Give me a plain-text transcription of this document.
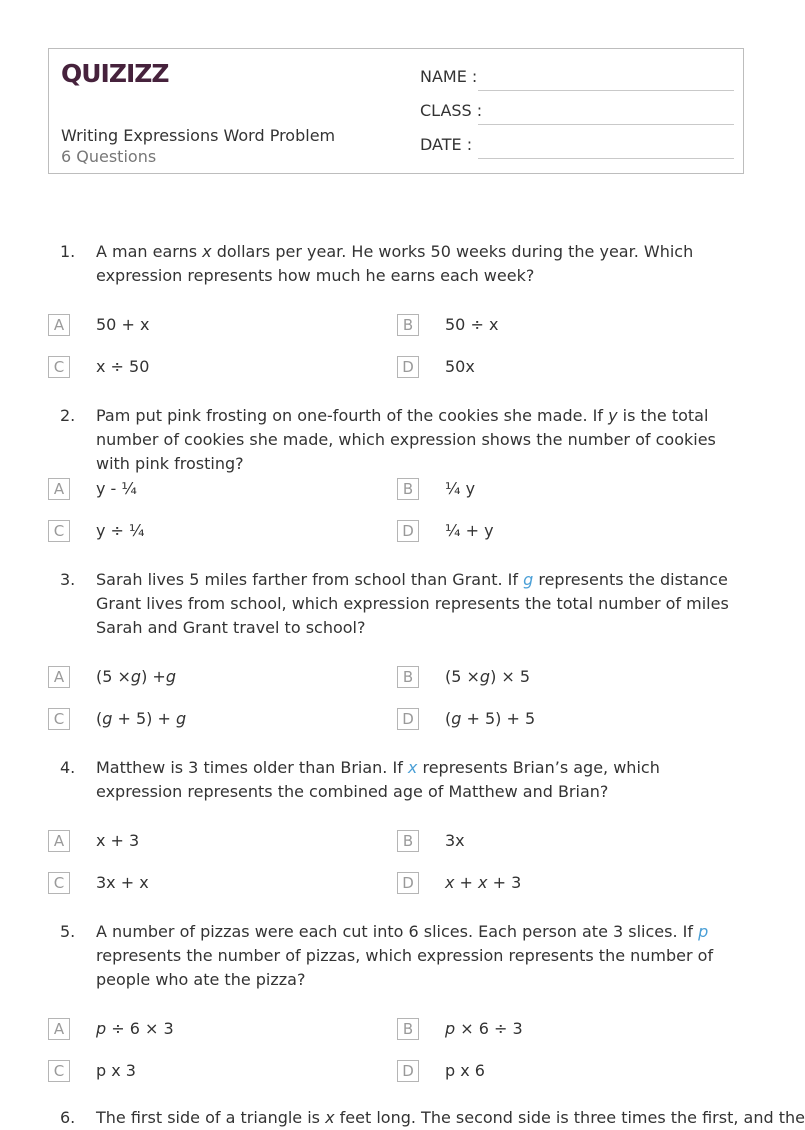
QUIZIZZ
Writing Expressions Word Problem
6 Questions
NAME :
CLASS :
DATE :
1. A man earns x dollars per year. He works 50 weeks during the year. Which expression represents how much he earns each week?
A	50 + x	B	50 ÷ x
C	x ÷ 50	D	50x
2. Pam put pink frosting on one-fourth of the cookies she made. If y is the total number of cookies she made, which expression shows the number of cookies with pink frosting?
A	y - ¼	B	¼ y
C	y ÷ ¼	D	¼ + y
3. Sarah lives 5 miles farther from school than Grant. If g represents the distance Grant lives from school, which expression represents the total number of miles Sarah and Grant travel to school?
A	(5 ×g) +g	B	(5 ×g) × 5
C	(g + 5) + g	D	(g + 5) + 5
4. Matthew is 3 times older than Brian. If x represents Brian’s age, which expression represents the combined age of Matthew and Brian?
A	x + 3	B	3x
C	3x + x	D	x + x + 3
5. A number of pizzas were each cut into 6 slices. Each person ate 3 slices. If p represents the number of pizzas, which expression represents the number of people who ate the pizza?
A	p ÷ 6 × 3	B	p × 6 ÷ 3
C	p x 3	D	p x 6
6. The first side of a triangle is x feet long. The second side is three times the first, and the
